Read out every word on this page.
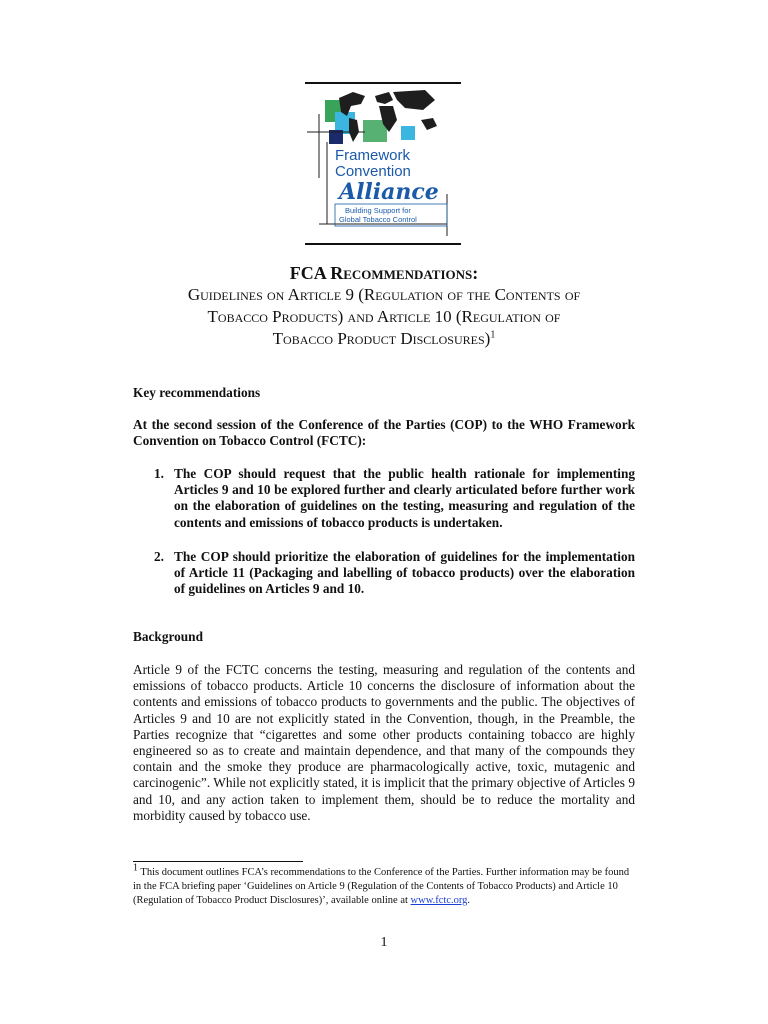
Framework
Convention
Alliance
Building Support for
Global Tobacco Control

FCA Recommendations:

Guidelines on Article 9 (Regulation of the Contents of

Tobacco Products) and Article 10 (Regulation of

Tobacco Product Disclosures)$^1$

Key recommendations
At the second session of the Conference of the Parties (COP) to the WHO Framework Convention on Tobacco Control (FCTC):
1. The COP should request that the public health rationale for implementing Articles 9 and 10 be explored further and clearly articulated before further work on the elaboration of guidelines on the testing, measuring and regulation of the contents and emissions of tobacco products is undertaken.
2. The COP should prioritize the elaboration of guidelines for the implementation of Article 11 (Packaging and labelling of tobacco products) over the elaboration of guidelines on Articles 9 and 10.
Background
Article 9 of the FCTC concerns the testing, measuring and regulation of the contents and emissions of tobacco products. Article 10 concerns the disclosure of information about the contents and emissions of tobacco products to governments and the public. The objectives of Articles 9 and 10 are not explicitly stated in the Convention, though, in the Preamble, the Parties recognize that “cigarettes and some other products containing tobacco are highly engineered so as to create and maintain dependence, and that many of the compounds they contain and the smoke they produce are pharmacologically active, toxic, mutagenic and carcinogenic”. While not explicitly stated, it is implicit that the primary objective of Articles 9 and 10, and any action taken to implement them, should be to reduce the mortality and morbidity caused by tobacco use.
$^1$ This document outlines FCA’s recommendations to the Conference of the Parties. Further information may be found in the FCA briefing paper ‘Guidelines on Article 9 (Regulation of the Contents of Tobacco Products) and Article 10 (Regulation of Tobacco Product Disclosures)’, available online at www.fctc.org.
1
